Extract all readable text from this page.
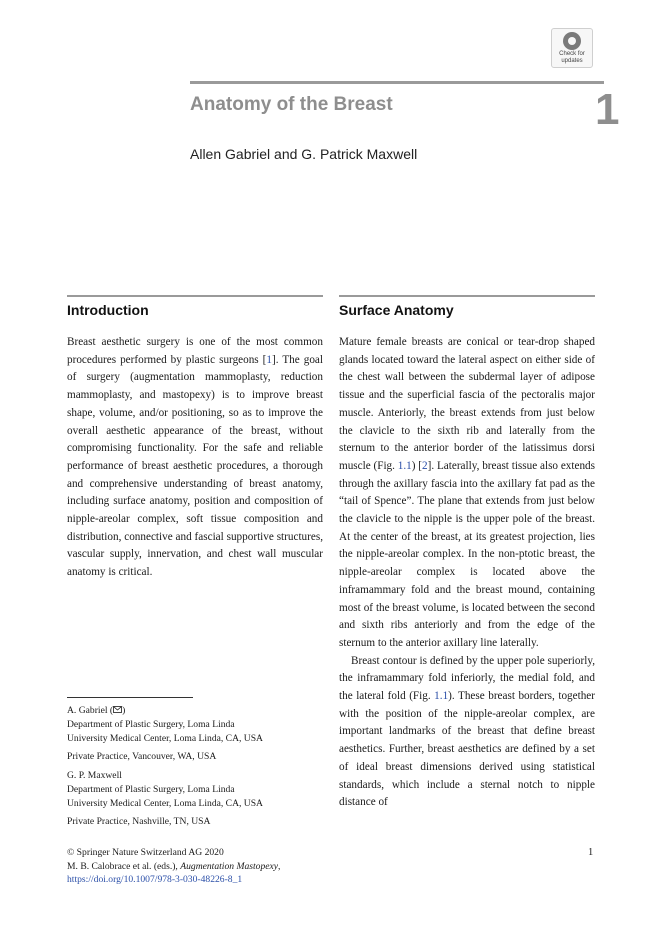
Check for
updates
Anatomy of the Breast	1
Allen Gabriel and G. Patrick Maxwell
Introduction

Breast aesthetic surgery is one of the most common procedures performed by plastic surgeons [1]. The goal of surgery (augmentation mammoplasty, reduction mammoplasty, and mastopexy) is to improve breast shape, volume, and/or positioning, so as to improve the overall aesthetic appearance of the breast, without compromising functionality. For the safe and reliable performance of breast aesthetic procedures, a thorough and comprehensive understanding of breast anatomy, including surface anatomy, position and composition of nipple-areolar complex, soft tissue composition and distribution, connective and fascial supportive structures, vascular supply, innervation, and chest wall muscular anatomy is critical.

Surface Anatomy

Mature female breasts are conical or tear-drop shaped glands located toward the lateral aspect on either side of the chest wall between the subdermal layer of adipose tissue and the superficial fascia of the pectoralis major muscle. Anteriorly, the breast extends from just below the clavicle to the sixth rib and laterally from the sternum to the anterior border of the latissimus dorsi muscle (Fig. 1.1) [2]. Laterally, breast tissue also extends through the axillary fascia into the axillary fat pad as the “tail of Spence”. The plane that extends from just below the clavicle to the nipple is the upper pole of the breast. At the center of the breast, at its greatest projection, lies the nipple-areolar complex. In the non-ptotic breast, the nipple-areolar complex is located above the inframammary fold and the breast mound, containing most of the breast volume, is located between the second and sixth ribs anteriorly and from the edge of the sternum to the anterior axillary line laterally.

Breast contour is defined by the upper pole superiorly, the inframammary fold inferiorly, the medial fold, and the lateral fold (Fig. 1.1). These breast borders, together with the position of the nipple-areolar complex, are important landmarks of the breast that define breast aesthetics. Further, breast aesthetics are defined by a set of ideal breast dimensions derived using statistical standards, which include a sternal notch to nipple distance of

A. Gabriel ( )

Department of Plastic Surgery, Loma Linda

University Medical Center, Loma Linda, CA, USA

Private Practice, Vancouver, WA, USA

G. P. Maxwell

Department of Plastic Surgery, Loma Linda

University Medical Center, Loma Linda, CA, USA

Private Practice, Nashville, TN, USA

© Springer Nature Switzerland AG 2020

M. B. Calobrace et al. (eds.), Augmentation Mastopexy,

https://doi.org/10.1007/978-3-030-48226-8_1

1
